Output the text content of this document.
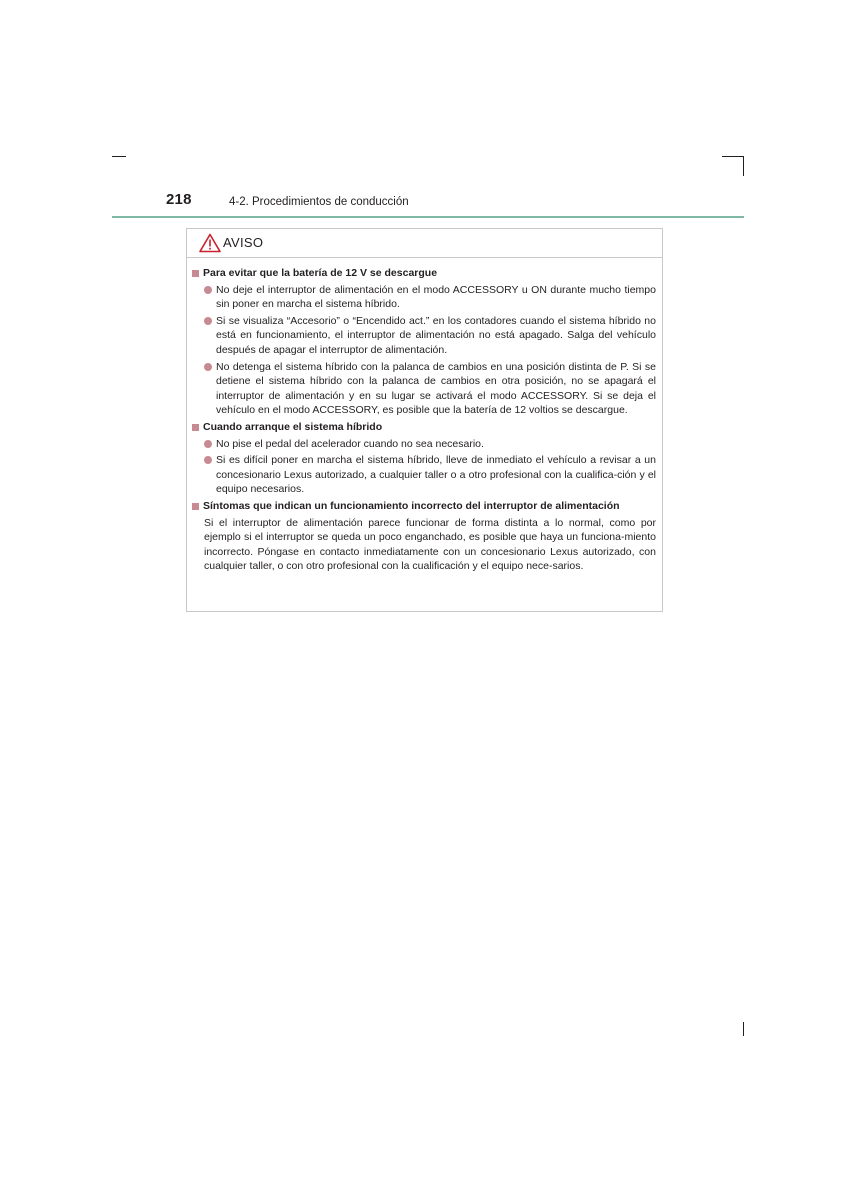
218	4-2. Procedimientos de conducción
AVISO
Para evitar que la batería de 12 V se descargue
No deje el interruptor de alimentación en el modo ACCESSORY u ON durante mucho tiempo sin poner en marcha el sistema híbrido.
Si se visualiza “Accesorio” o “Encendido act.” en los contadores cuando el sistema híbrido no está en funcionamiento, el interruptor de alimentación no está apagado. Salga del vehículo después de apagar el interruptor de alimentación.
No detenga el sistema híbrido con la palanca de cambios en una posición distinta de P. Si se detiene el sistema híbrido con la palanca de cambios en otra posición, no se apagará el interruptor de alimentación y en su lugar se activará el modo ACCESSORY. Si se deja el vehículo en el modo ACCESSORY, es posible que la batería de 12 voltios se descargue.
Cuando arranque el sistema híbrido
No pise el pedal del acelerador cuando no sea necesario.
Si es difícil poner en marcha el sistema híbrido, lleve de inmediato el vehículo a revisar a un concesionario Lexus autorizado, a cualquier taller o a otro profesional con la cualifica-ción y el equipo necesarios.
Síntomas que indican un funcionamiento incorrecto del interruptor de alimentación
Si el interruptor de alimentación parece funcionar de forma distinta a lo normal, como por ejemplo si el interruptor se queda un poco enganchado, es posible que haya un funciona-miento incorrecto. Póngase en contacto inmediatamente con un concesionario Lexus autorizado, con cualquier taller, o con otro profesional con la cualificación y el equipo nece-sarios.
